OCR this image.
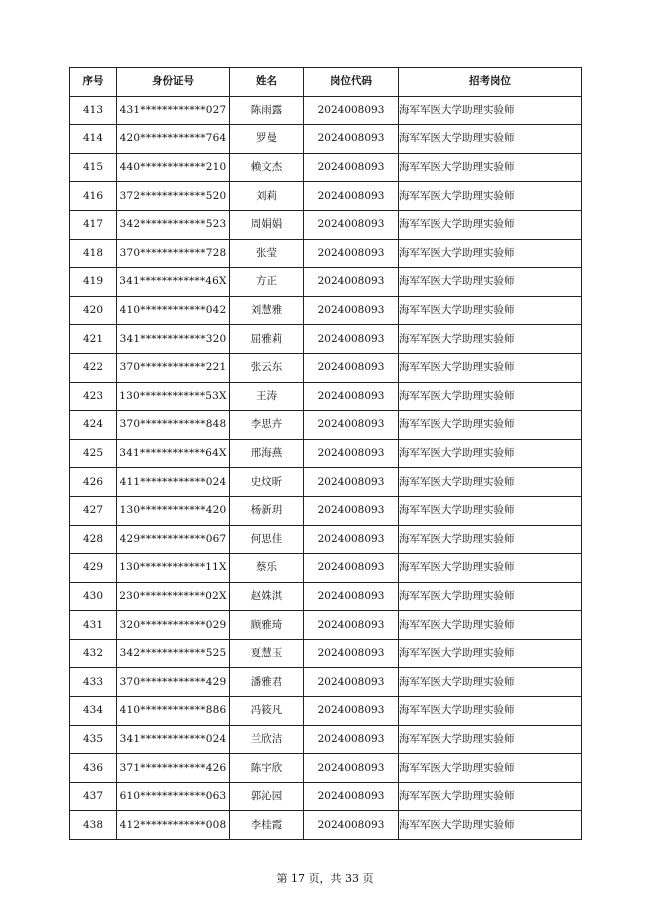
序号	身份证号	姓名	岗位代码	招考岗位
413	431************027	陈雨露	2024008093	海军军医大学助理实验师
414	420************764	罗曼	2024008093	海军军医大学助理实验师
415	440************210	赖文杰	2024008093	海军军医大学助理实验师
416	372************520	刘莉	2024008093	海军军医大学助理实验师
417	342************523	周娟娟	2024008093	海军军医大学助理实验师
418	370************728	张莹	2024008093	海军军医大学助理实验师
419	341************46X	方正	2024008093	海军军医大学助理实验师
420	410************042	刘慧雅	2024008093	海军军医大学助理实验师
421	341************320	屈雅莉	2024008093	海军军医大学助理实验师
422	370************221	张云东	2024008093	海军军医大学助理实验师
423	130************53X	王涛	2024008093	海军军医大学助理实验师
424	370************848	李思卉	2024008093	海军军医大学助理实验师
425	341************64X	邢海燕	2024008093	海军军医大学助理实验师
426	411************024	史炆昕	2024008093	海军军医大学助理实验师
427	130************420	杨新玥	2024008093	海军军医大学助理实验师
428	429************067	何思佳	2024008093	海军军医大学助理实验师
429	130************11X	蔡乐	2024008093	海军军医大学助理实验师
430	230************02X	赵姝淇	2024008093	海军军医大学助理实验师
431	320************029	顾雅琦	2024008093	海军军医大学助理实验师
432	342************525	夏慧玉	2024008093	海军军医大学助理实验师
433	370************429	潘雅君	2024008093	海军军医大学助理实验师
434	410************886	冯筱凡	2024008093	海军军医大学助理实验师
435	341************024	兰欣洁	2024008093	海军军医大学助理实验师
436	371************426	陈宇欣	2024008093	海军军医大学助理实验师
437	610************063	郭沁园	2024008093	海军军医大学助理实验师
438	412************008	李桂霞	2024008093	海军军医大学助理实验师
第 17 页，共 33 页
